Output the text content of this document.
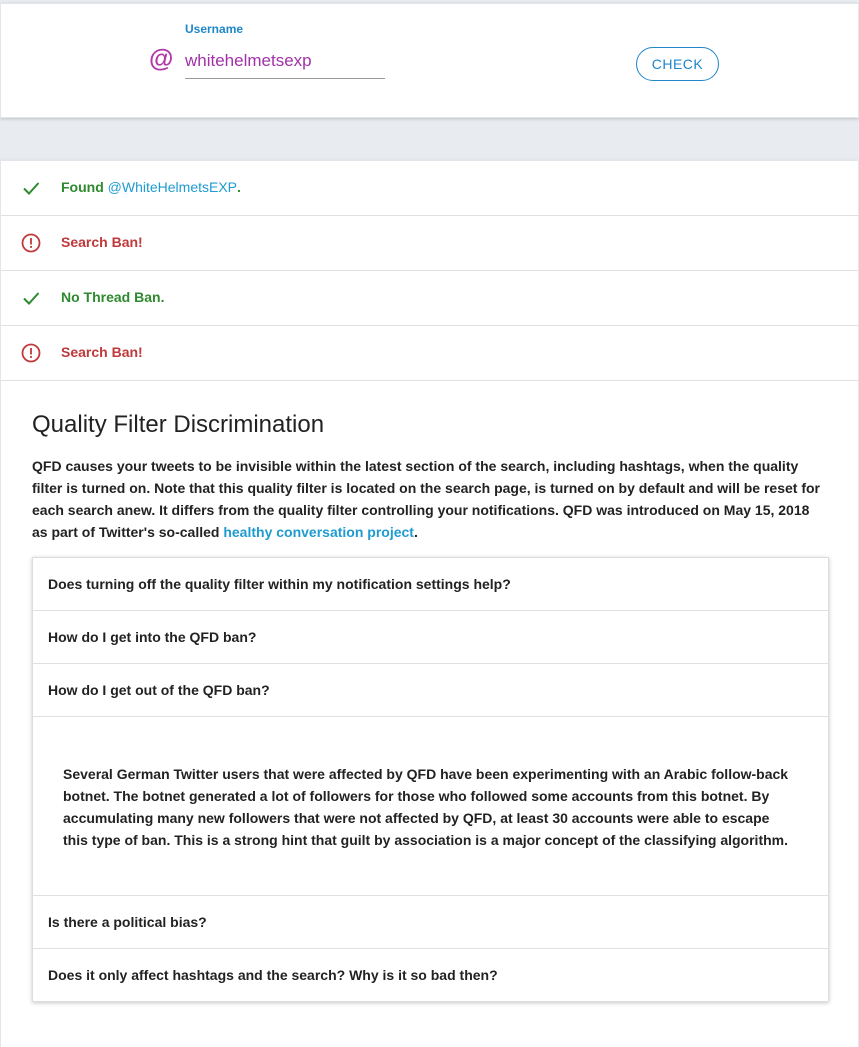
Username
@
whitehelmetsexp	CHECK
Found @WhiteHelmetsEXP.
Search Ban!
No Thread Ban.
Search Ban!
Quality Filter Discrimination

QFD causes your tweets to be invisible within the latest section of the search, including hashtags, when the quality filter is turned on. Note that this quality filter is located on the search page, is turned on by default and will be reset for each search anew. It differs from the quality filter controlling your notifications. QFD was introduced on May 15, 2018 as part of Twitter's so-called healthy conversation project.

Does turning off the quality filter within my notification settings help?
How do I get into the QFD ban?
How do I get out of the QFD ban?

Several German Twitter users that were affected by QFD have been experimenting with an Arabic follow-back botnet. The botnet generated a lot of followers for those who followed some accounts from this botnet. By accumulating many new followers that were not affected by QFD, at least 30 accounts were able to escape this type of ban. This is a strong hint that guilt by association is a major concept of the classifying algorithm.

Is there a political bias?
Does it only affect hashtags and the search? Why is it so bad then?
